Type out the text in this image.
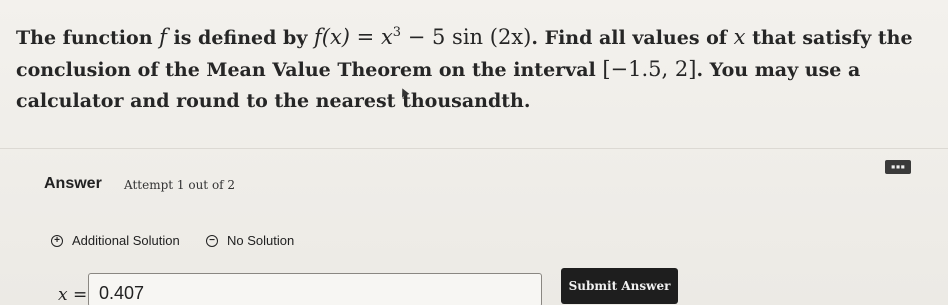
The function f is defined by $f(x) = x^3 - 5$ sin (2x). Find all values of x that satisfy the conclusion of the Mean Value Theorem on the interval [−1.5, 2]. You may use a calculator and round to the nearest thousandth.
▪▪▪
Answer Attempt 1 out of 2
+ Additional Solution	− No Solution
x =
0.407	Submit Answer
